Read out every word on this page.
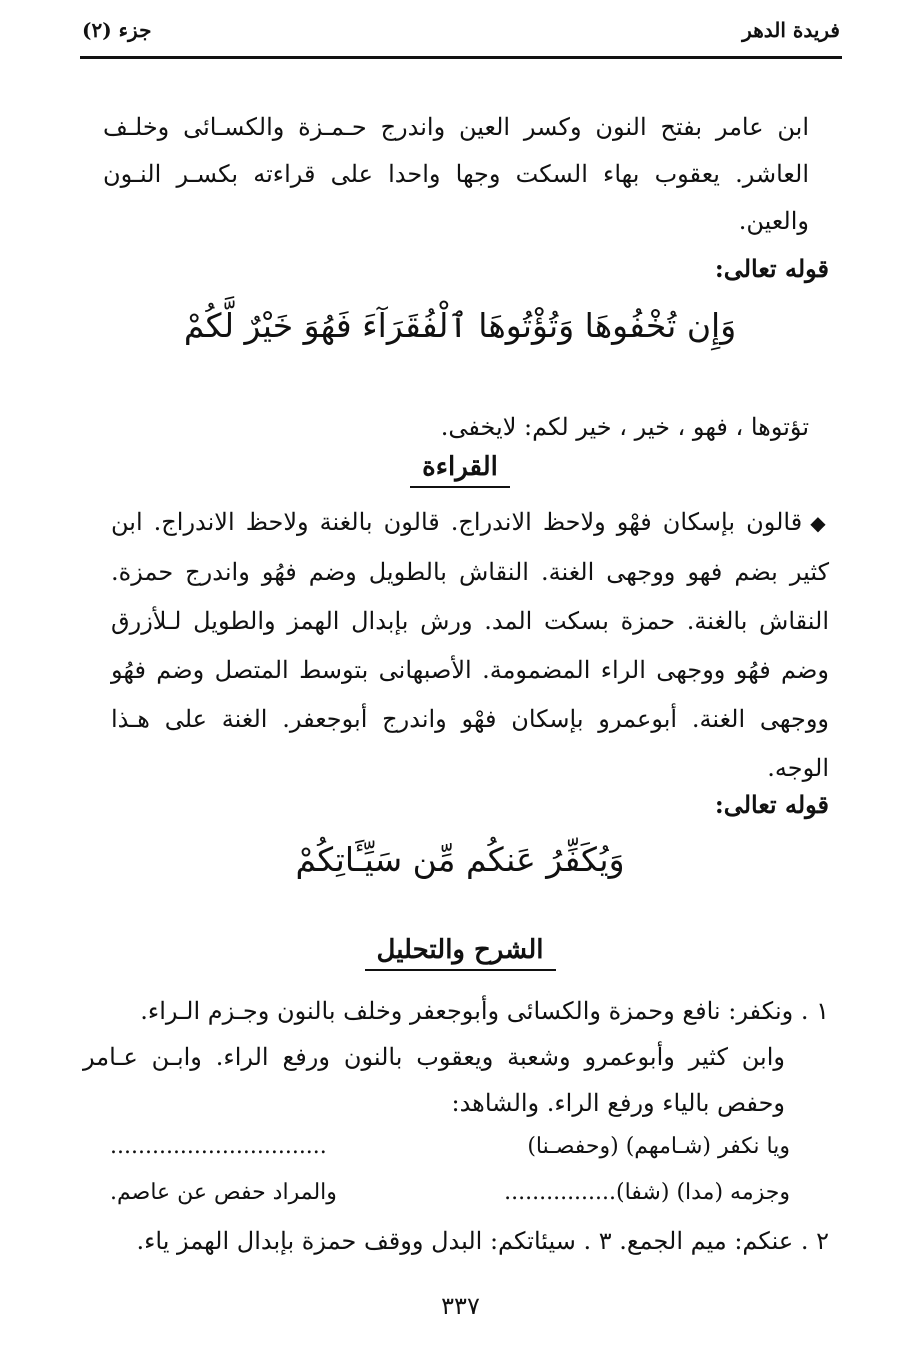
فريدة الدهر
جزء (٢)
ابن عامر بفتح النون وكسر العين واندرج حـمـزة والكسـائى وخلـف العاشر. يعقوب بهاء السكت وجها واحدا على قراءته بكسـر النـون والعين.
قوله تعالى:
وَإِن تُخْفُوهَا وَتُؤْتُوهَا ٱلْفُقَرَآءَ فَهُوَ خَيْرٌ لَّكُمْ
تؤتوها ، فهو ، خير ، خير لكم: لايخفى.
القراءة
◆قالون بإسكان فهْو ولاحظ الاندراج. قالون بالغنة ولاحظ الاندراج. ابن كثير بضم فهو ووجهى الغنة. النقاش بالطويل وضم فهُو واندرج حمزة. النقاش بالغنة. حمزة بسكت المد. ورش بإبدال الهمز والطويل لـلأزرق وضم فهُو ووجهى الراء المضمومة. الأصبهانى بتوسط المتصل وضم فهُو ووجهى الغنة. أبوعمرو بإسكان فهْو واندرج أبوجعفر. الغنة على هـذا الوجه.
قوله تعالى:
وَيُكَفِّرُ عَنكُم مِّن سَيِّـَٔاتِكُمْ
الشرح والتحليل
١ . ونكفر: نافع وحمزة والكسائى وأبوجعفر وخلف بالنون وجـزم الـراء.
وابن كثير وأبوعمرو وشعبة ويعقوب بالنون ورفع الراء. وابـن عـامر وحفص بالياء ورفع الراء. والشاهد:
ويا نكفر (شـامهم) (وحفصـنا)
...............................
وجزمه (مدا) (شفا)................
والمراد حفص عن عاصم.
٢ . عنكم: ميم الجمع. ٣ . سيئاتكم: البدل ووقف حمزة بإبدال الهمز ياء.
٣٣٧
